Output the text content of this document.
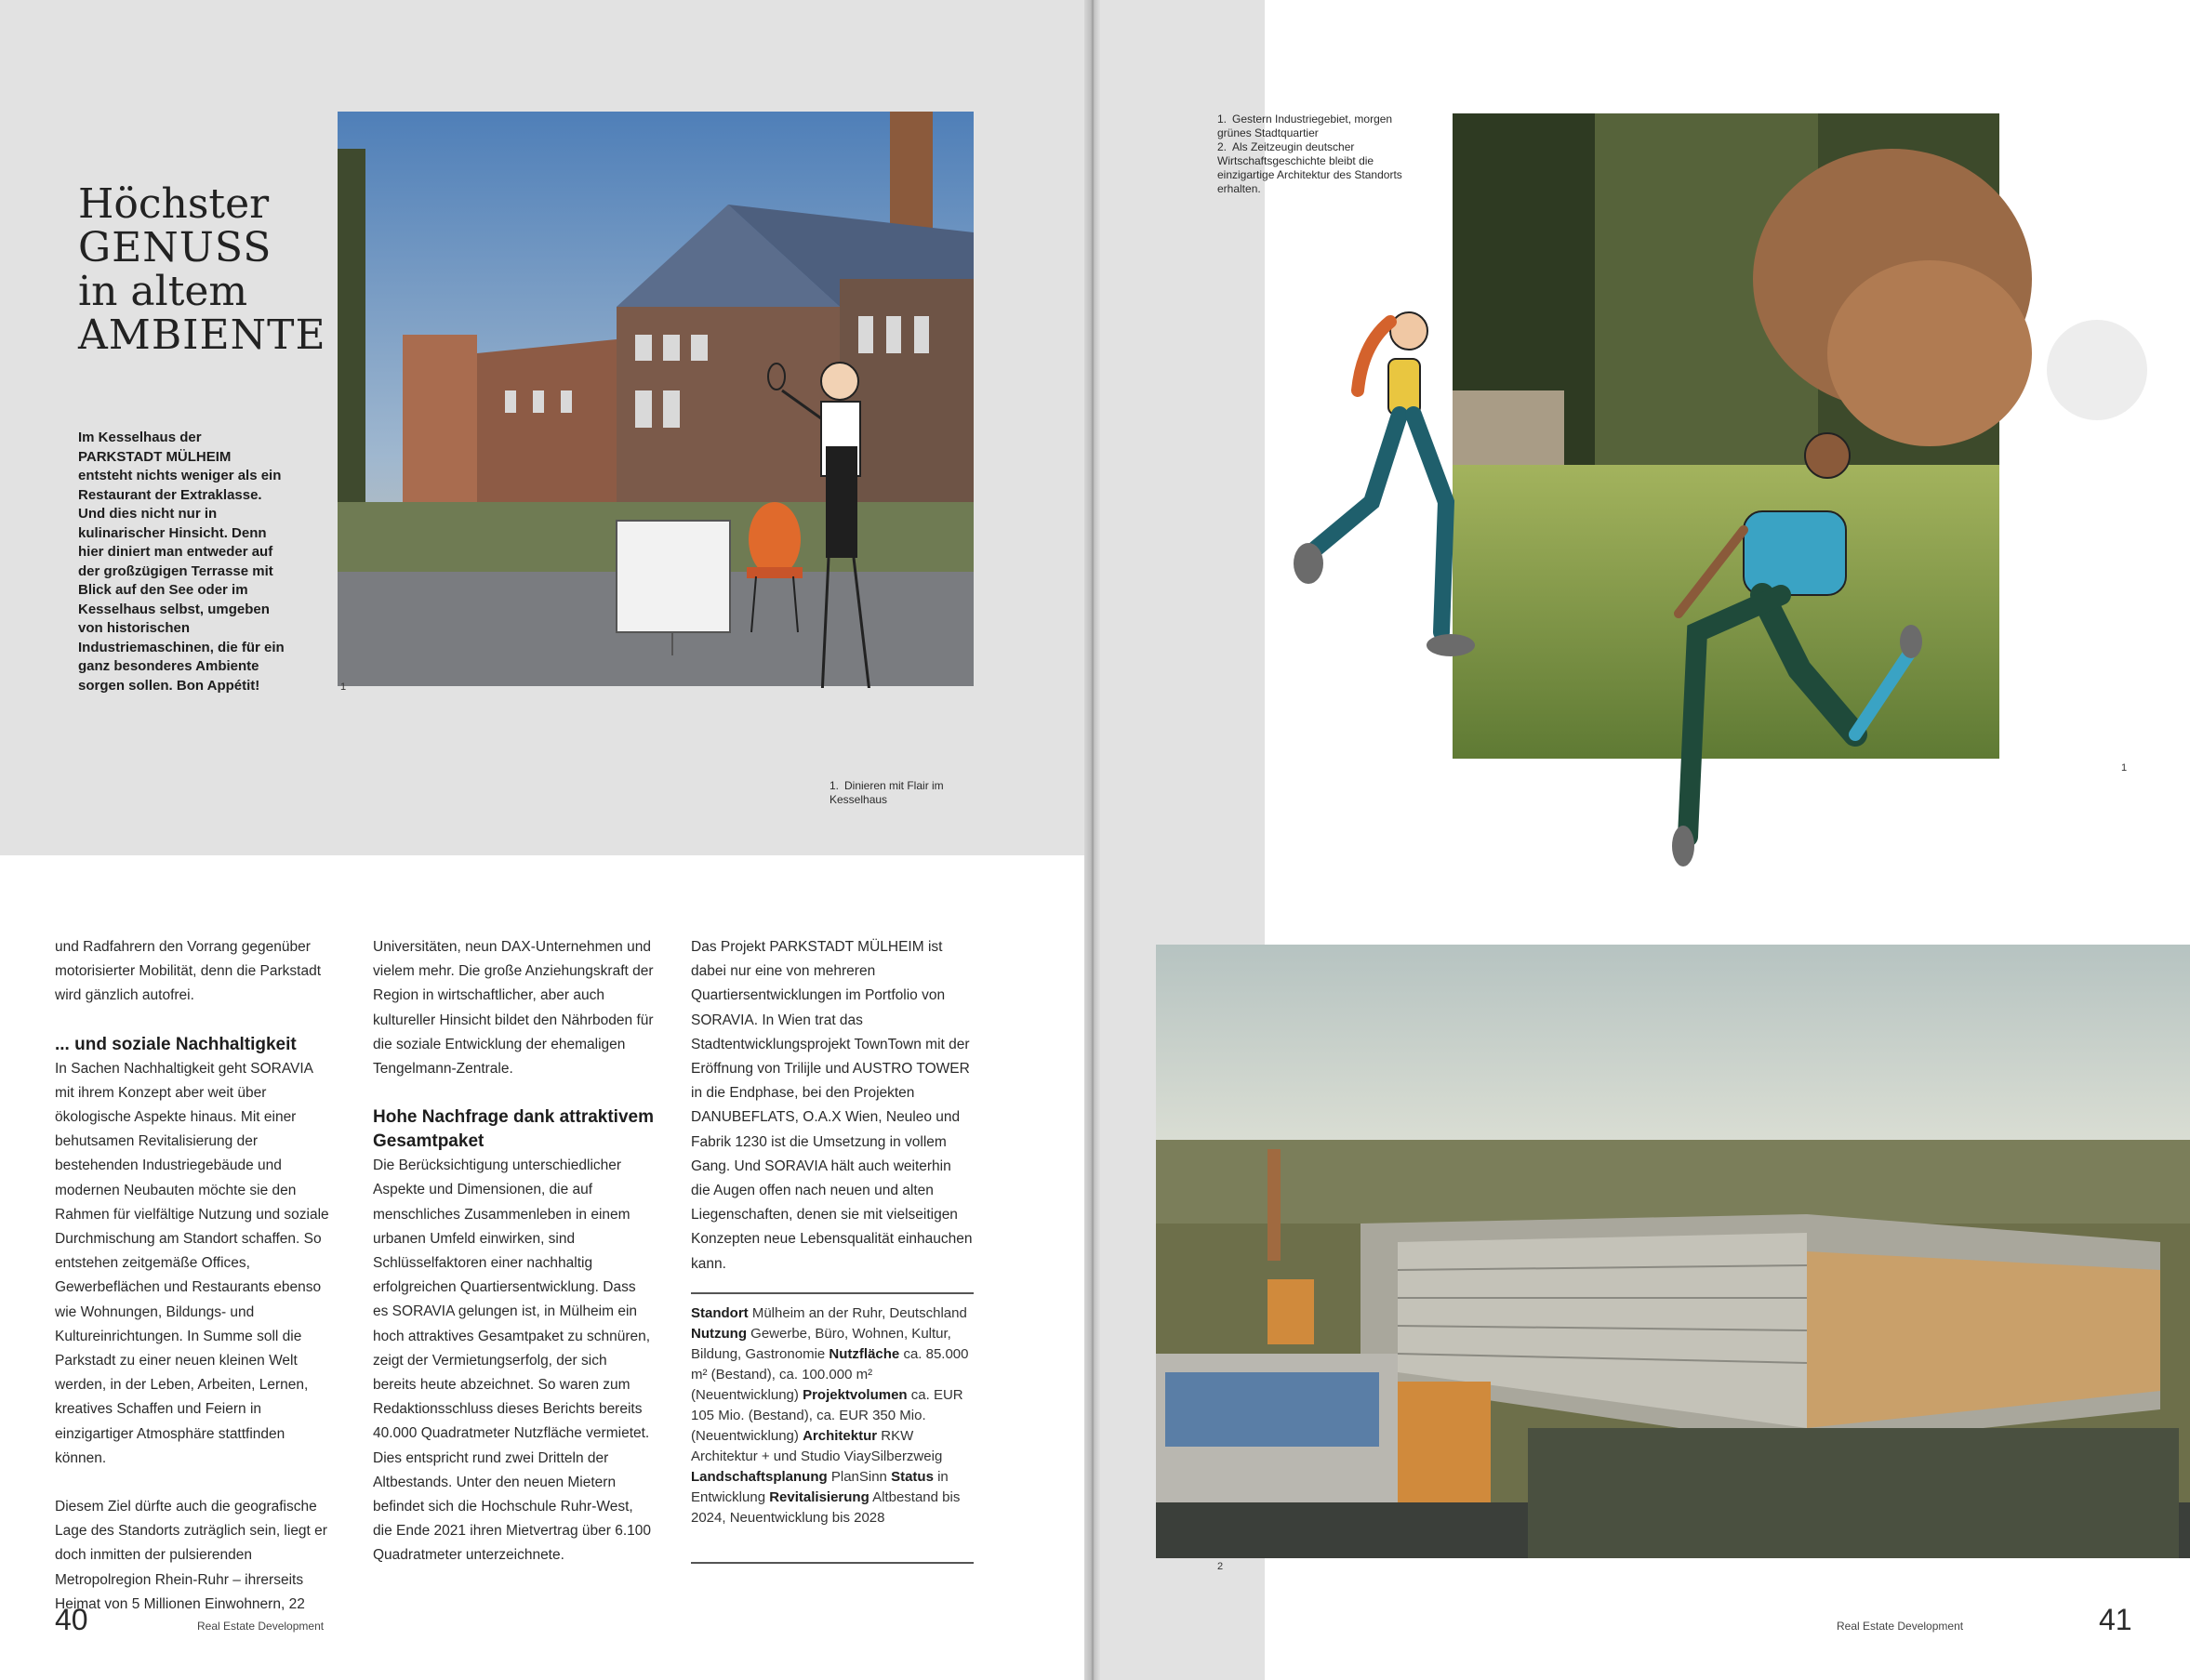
Höchster
GENUSS
in altem
AMBIENTE
Im Kesselhaus der PARKSTADT MÜLHEIM entsteht nichts weniger als ein Restaurant der Extraklasse. Und dies nicht nur in kulinarischer Hinsicht. Denn hier diniert man entweder auf der großzügigen Terrasse mit Blick auf den See oder im Kesselhaus selbst, umgeben von historischen Industriemaschinen, die für ein ganz besonderes Ambiente sorgen sollen. Bon Appétit!	1
1. Dinieren mit Flair im Kesselhaus

und Radfahrern den Vorrang gegenüber motorisierter Mobilität, denn die Parkstadt wird gänzlich autofrei.

... und soziale Nachhaltigkeit

In Sachen Nachhaltigkeit geht SORAVIA mit ihrem Konzept aber weit über ökologische Aspekte hinaus. Mit einer behutsamen Revitalisierung der bestehenden Industriegebäude und modernen Neubauten möchte sie den Rahmen für vielfältige Nutzung und soziale Durchmischung am Standort schaffen. So entstehen zeitgemäße Offices, Gewerbeflächen und Restaurants ebenso wie Wohnungen, Bildungs- und Kultureinrichtungen. In Summe soll die Parkstadt zu einer neuen kleinen Welt werden, in der Leben, Arbeiten, Lernen, kreatives Schaffen und Feiern in einzigartiger Atmosphäre stattfinden können.

Diesem Ziel dürfte auch die geografische Lage des Standorts zuträglich sein, liegt er doch inmitten der pulsierenden Metropolregion Rhein-Ruhr – ihrerseits Heimat von 5 Millionen Einwohnern, 22

Universitäten, neun DAX-Unternehmen und vielem mehr. Die große Anziehungskraft der Region in wirtschaftlicher, aber auch kultureller Hinsicht bildet den Nährboden für die soziale Entwicklung der ehemaligen Tengelmann-Zentrale.

Hohe Nachfrage dank attraktivem Gesamtpaket

Die Berücksichtigung unterschiedlicher Aspekte und Dimensionen, die auf menschliches Zusammenleben in einem urbanen Umfeld einwirken, sind Schlüsselfaktoren einer nachhaltig erfolgreichen Quartiersentwicklung. Dass es SORAVIA gelungen ist, in Mülheim ein hoch attraktives Gesamtpaket zu schnüren, zeigt der Vermietungserfolg, der sich bereits heute abzeichnet. So waren zum Redaktionsschluss dieses Berichts bereits 40.000 Quadratmeter Nutzfläche vermietet. Dies entspricht rund zwei Dritteln der Altbestands. Unter den neuen Mietern befindet sich die Hochschule Ruhr-West, die Ende 2021 ihren Mietvertrag über 6.100 Quadratmeter unterzeichnete.

Das Projekt PARKSTADT MÜLHEIM ist dabei nur eine von mehreren Quartiersentwicklungen im Portfolio von SORAVIA. In Wien trat das Stadtentwicklungsprojekt TownTown mit der Eröffnung von Trilijle und AUSTRO TOWER in die Endphase, bei den Projekten DANUBEFLATS, O.A.X Wien, Neuleo und Fabrik 1230 ist die Umsetzung in vollem Gang. Und SORAVIA hält auch weiterhin die Augen offen nach neuen und alten Liegenschaften, denen sie mit vielseitigen Konzepten neue Lebensqualität einhauchen kann.

Standort Mülheim an der Ruhr, Deutschland Nutzung Gewerbe, Büro, Wohnen, Kultur, Bildung, Gastronomie Nutzfläche ca. 85.000 m² (Bestand), ca. 100.000 m² (Neuentwicklung) Projektvolumen ca. EUR 105 Mio. (Bestand), ca. EUR 350 Mio. (Neuentwicklung) Architektur RKW Architektur + und Studio ViaySilberzweig Landschaftsplanung PlanSinn Status in Entwicklung Revitalisierung Altbestand bis 2024, Neuentwicklung bis 2028
40	Real Estate Development
1. Gestern Industriegebiet, morgen grünes Stadtquartier
2. Als Zeitzeugin deutscher Wirtschaftsgeschichte bleibt die einzigartige Architektur des Standorts erhalten.
1
2
Real Estate Development	41
